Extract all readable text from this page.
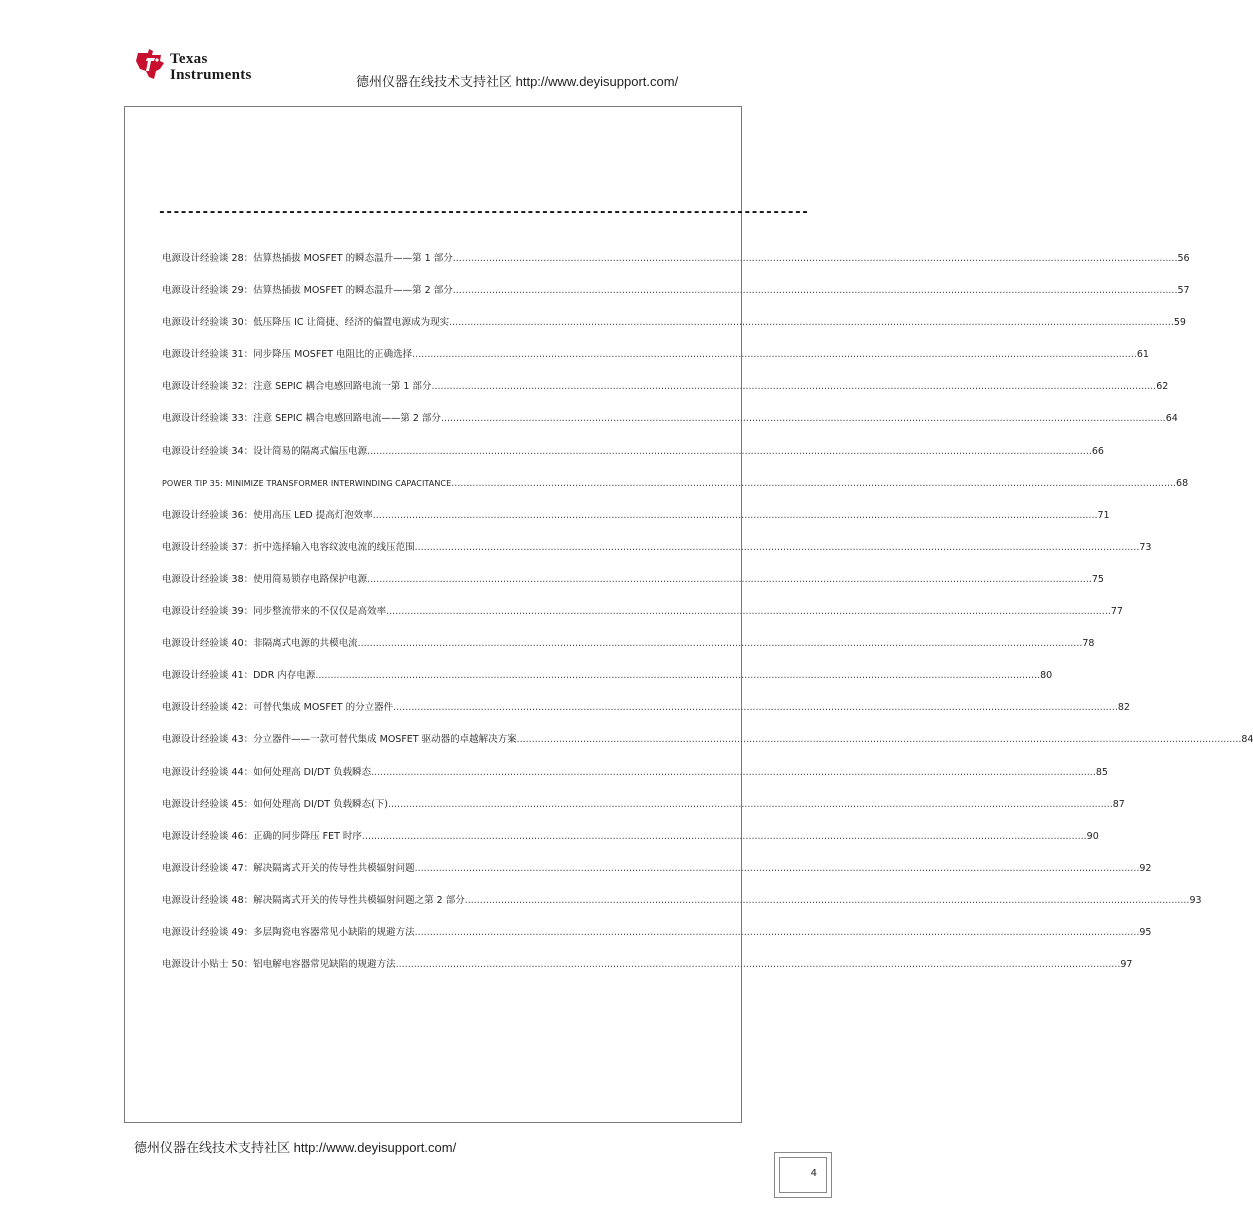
Texas
Instruments	德州仪器在线技术支持社区 http://www.deyisupport.com/
------------------------------------------------------------------------------------------
电源设计经验谈 28：估算热插拔 MOSFET 的瞬态温升——第 1 部分 .....	56
电源设计经验谈 29：估算热插拔 MOSFET 的瞬态温升——第 2 部分 .....	57
电源设计经验谈 30：低压降压 IC 让简捷、经济的偏置电源成为现实 .....	59
电源设计经验谈 31：同步降压 MOSFET 电阻比的正确选择 .....	61
电源设计经验谈 32：注意 SEPIC 耦合电感回路电流一第 1 部分 .....	62
电源设计经验谈 33：注意 SEPIC 耦合电感回路电流——第 2 部分 .....	64
电源设计经验谈 34：设计简易的隔离式偏压电源 .....	66
POWER TIP 35: MINIMIZE TRANSFORMER INTERWINDING CAPACITANCE .....	68
电源设计经验谈 36：使用高压 LED 提高灯泡效率 .....	71
电源设计经验谈 37：折中选择输入电容纹波电流的线压范围 .....	73
电源设计经验谈 38：使用简易锁存电路保护电源 .....	75
电源设计经验谈 39：同步整流带来的不仅仅是高效率 .....	77
电源设计经验谈 40：非隔离式电源的共模电流 .....	78
电源设计经验谈 41：DDR 内存电源 .....	80
电源设计经验谈 42：可替代集成 MOSFET 的分立器件 .....	82
电源设计经验谈 43：分立器件——一款可替代集成 MOSFET 驱动器的卓越解决方案 .....	84
电源设计经验谈 44：如何处理高 DI/DT 负载瞬态 .....	85
电源设计经验谈 45：如何处理高 DI/DT 负载瞬态(下) .....	87
电源设计经验谈 46：正确的同步降压 FET 时序 .....	90
电源设计经验谈 47：解决隔离式开关的传导性共模辐射问题 .....	92
电源设计经验谈 48：解决隔离式开关的传导性共模辐射问题之第 2 部分 .....	93
电源设计经验谈 49：多层陶瓷电容器常见小缺陷的规避方法 .....	95
电源设计小贴士 50：铝电解电容器常见缺陷的规避方法 .....	97
德州仪器在线技术支持社区 http://www.deyisupport.com/
4
